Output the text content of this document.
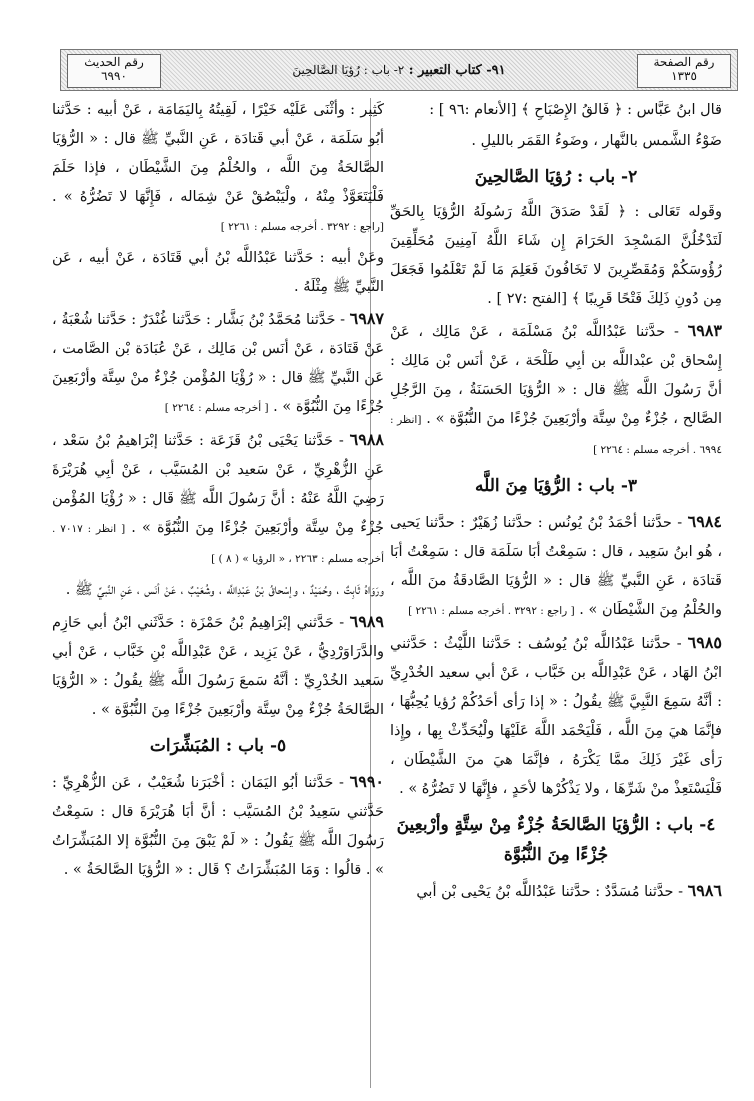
رقم الصفحة
١٣٣٥
٩١- كتاب التعبير : ٢- باب : رُؤيَا الصَّالحِينَ
رقم الحديث
٦٩٩٠

قال ابنُ عَبَّاس : ﴿ فَالقُ الإِصْبَاحِ ﴾ [الأنعام :٩٦ ] :

ضَوْءُ الشَّمس بالنَّهار ، وضَوءُ القَمَر بالليلِ .

٢- باب : رُؤيَا الصَّالحِينَ

وقَوله تَعَالى : ﴿ لَقَدْ صَدَقَ اللَّهُ رَسُولَهُ الرُّؤيَا بِالحَقِّ لَتَدْخُلُنَّ المَسْجِدَ الحَرَامَ إِن شَاءَ اللَّهُ آمِنِينَ مُحَلِّقِينَ رُؤُوسَكُمْ وَمُقَصِّرِينَ لا تَخَافُونَ فَعَلِمَ مَا لَمْ تَعْلَمُوا فَجَعَلَ مِن دُونِ ذَلِكَ فَتْحًا قَرِيبًا ﴾ [الفتح :٢٧ ] .

٦٩٨٣ - حدَّثنا عَبْدُاللَّه بْنُ مَسْلَمَة ، عَنْ مَالِك ، عَنْ إِسْحاق بْن عبْداللَّه بن أبِي طَلْحَة ، عَنْ أنَس بْن مَالِك : أنَّ رَسُولَ اللَّه ﷺ قال : « الرُّؤيَا الحَسَنَةُ ، مِنَ الرَّجُلِ الصَّالح ، جُزْءٌ مِنْ سِتَّة وأرْبَعِينَ جُزْءًا منَ النُّبُوَّة » . [انظر : ٦٩٩٤ . أخرجه مسلم : ٢٢٦٤ ]

٣- باب : الرُّؤيَا مِنَ اللَّه

٦٩٨٤ - حدَّثنا أحْمَدُ بْنُ يُونُس : حدَّثنا زُهَيْرٌ : حدَّثنا يَحيى ، هُو ابنُ سَعِيد ، قال : سَمِعْتُ أبَا سَلَمَة قال : سَمِعْتُ أبَا قَتادَة ، عَنِ النَّبيِّ ﷺ قال : « الرُّؤيَا الصَّادقَةُ منَ اللَّه ، والحُلْمُ مِنَ الشَّيْطَان » . [ راجع : ٣٢٩٢ . أخرجه مسلم : ٢٢٦١ ]

٦٩٨٥ - حدَّثنا عَبْدُاللَّه بْنُ يُوسُف : حَدَّثنا اللَّيْثُ : حَدَّثني ابْنُ الهَاد ، عَنْ عَبْدِاللَّه بن خَبَّاب ، عَنْ أبي سعيد الخُدْرِيِّ : أنَّهُ سَمِعَ النَّبِيَّ ﷺ يقُولُ : « إذا رَأى أحَدُكُمْ رُؤيا يُحِبُّهَا ، فإنَّمَا هيَ مِنَ اللَّه ، فَلْيَحْمَد اللَّهَ عَلَيْهَا ولْيُحَدِّثْ بِها ، وإِذا رَأى غَيْرَ ذَلِكَ ممَّا يَكْرَهُ ، فإنَّمَا هيَ منَ الشَّيْطَان ، فَلْيَسْتَعِذْ منْ شَرِّهَا ، ولا يَذْكُرْها لأحَدٍ ، فإِنَّهَا لا تَضُرُّهُ » .

٤- باب : الرُّؤيَا الصَّالحَةُ جُزْءٌ مِنْ سِتَّةٍ وأرْبعِينَ جُزْءًا مِنَ النُّبُوَّة

٦٩٨٦ - حدَّثنا مُسَدَّدٌ : حدَّثنا عَبْدُاللَّه بْنُ يَحْيى بْن أبي

كَثِير : وأثْنَى عَلَيْه خَيْرًا ، لَقِيتُهُ بِاليَمَامَة ، عَنْ أبيه : حَدَّثنا أبُو سَلَمَة ، عَنْ أبي قَتادَة ، عَنِ النَّبيِّ ﷺ قال : « الرُّؤيَا الصَّالحَةُ مِنَ اللَّه ، والحُلْمُ مِنَ الشَّيْطَان ، فإذا حَلَمَ فَلْيَتَعَوَّذْ مِنْهُ ، ولْيَبْصُقْ عَنْ شِمَاله ، فَإِنَّهَا لا تَضُرُّهُ » . [راجع : ٣٢٩٢ . أخرجه مسلم : ٢٢٦١ ]

وعَنْ أبيه : حَدَّثنا عَبْدُاللَّه بْنُ أبي قَتَادَة ، عَنْ أبيه ، عَن النَّبيِّ ﷺ مِثْلَهُ .

٦٩٨٧ - حَدَّثنا مُحَمَّدُ بْنُ بَشَّار : حَدَّثنا غُنْدَرٌ : حَدَّثنا شُعْبَةُ ، عَنْ قَتَادَة ، عَنْ أنَس بْن مَالِك ، عَنْ عُبَادَة بْن الصَّامت ، عَن النَّبيِّ ﷺ قال : « رُؤْيَا المُؤْمن جُزْءٌ منْ سِتَّة وأرْبَعِينَ جُزْءًا مِنَ النُّبُوَّة » . [ أخرجه مسلم : ٢٢٦٤ ]

٦٩٨٨ - حَدَّثنا يَحْيَى بْنُ قَزَعَة : حَدَّثنا إبْرَاهيمُ بْنُ سَعْد ، عَنِ الزُّهْرِيِّ ، عَنْ سَعيد بْن المُسَيَّب ، عَنْ أبِي هُرَيْرَةَ رَضِيَ اللَّهُ عَنْهُ : أنَّ رَسُولَ اللَّه ﷺ قَال : « رُؤْيَا المُؤْمن جُزْءٌ مِنْ سِتَّة وأرْبَعِينَ جُزْءًا مِنَ النُّبُوَّة » . [ انظر : ٧٠١٧ . أخرجه مسلم : ٢٢٦٣ ، « الرؤيا » ( ٨ ) ]

ورَوَاهُ ثَابِتٌ ، وحُمَيْدٌ ، وإسْحاقُ بْنُ عَبْدِاللَّه ، وشُعَيْبٌ ، عَنْ أنَس ، عَنِ النَّبيِّ ﷺ .

٦٩٨٩ - حَدَّثني إبْرَاهِيمُ بْنُ حَمْزَة : حَدَّثَني ابْنُ أبي حَازِم والدَّرَاوَرْدِيُّ ، عَنْ يَزِيد ، عَنْ عَبْدِاللَّه بْنِ خَبَّاب ، عَنْ أبي سَعيد الخُدْرِيِّ : أنَّهُ سَمعَ رَسُولَ اللَّه ﷺ يقُولُ : « الرُّؤيَا الصَّالحَةُ جُزْءٌ مِنْ سِتَّة وأرْبَعِينَ جُزْءًا مِنَ النُّبُوَّة » .

٥- باب : المُبَشِّرَات

٦٩٩٠ - حَدَّثنا أبُو اليَمَان : أخْبَرَنا شُعَيْبٌ ، عَن الزُّهْرِيِّ : حَدَّثني سَعِيدُ بْنُ المُسَيَّب : أنَّ أبَا هُرَيْرَةَ قال : سَمِعْتُ رَسُولَ اللَّه ﷺ يَقُولُ : « لَمْ يَبْقَ مِنَ النُّبُوَّة إلا المُبَشِّرَاتُ » . قالُوا : وَمَا المُبَشِّرَاتُ ؟ قَال : « الرُّؤيَا الصَّالحَةُ » .
